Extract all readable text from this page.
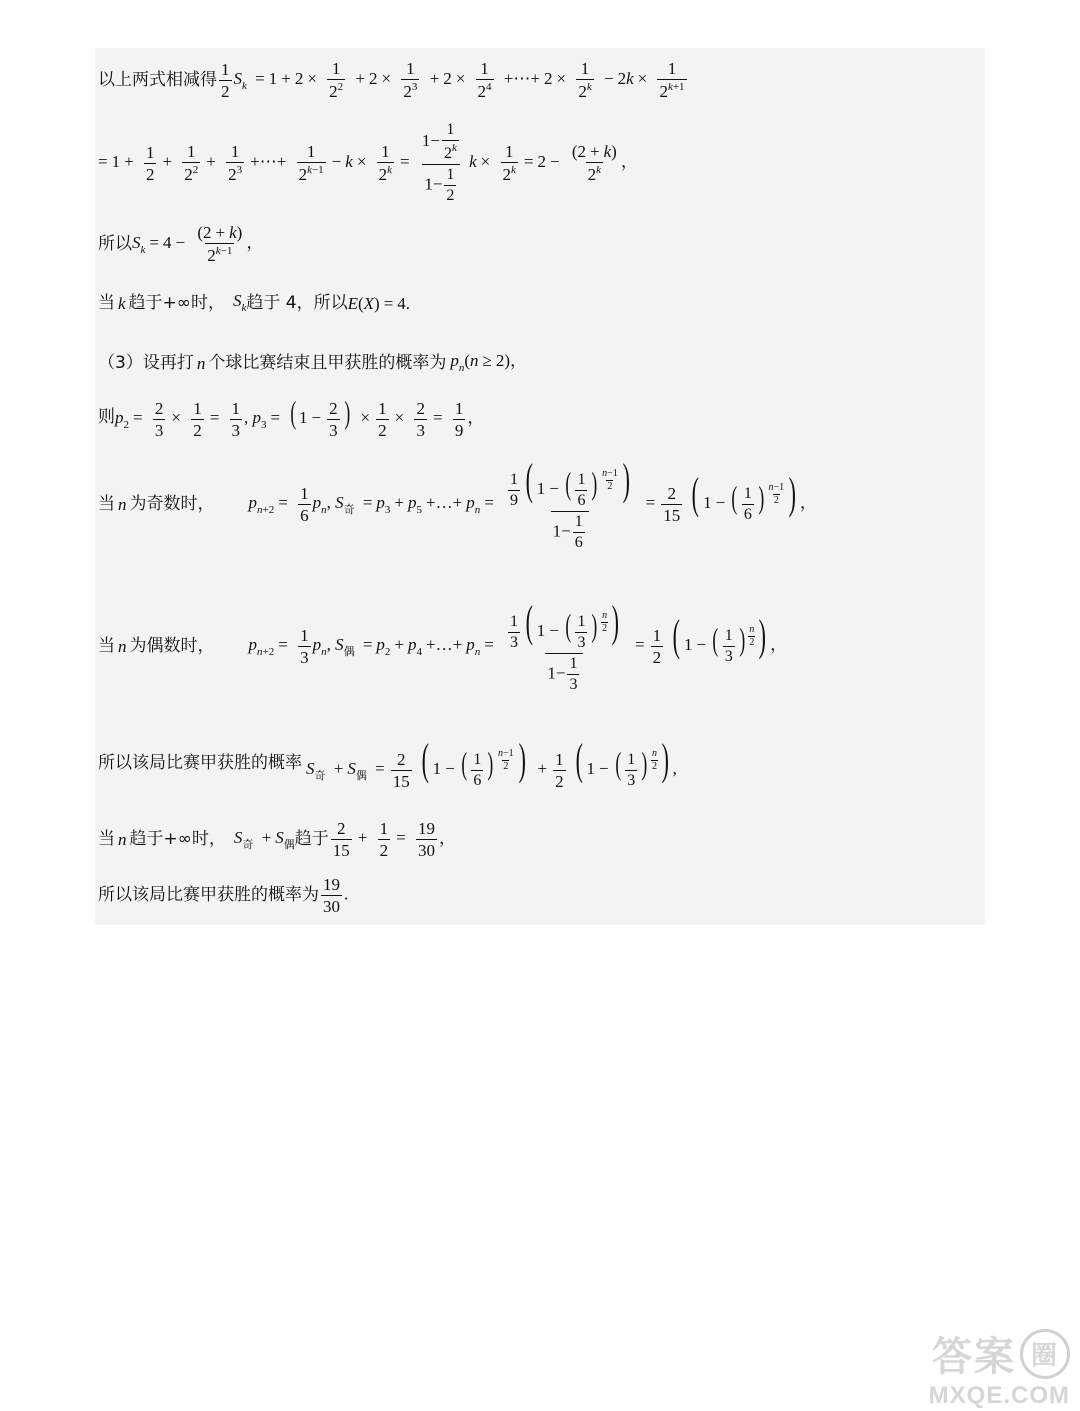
以上两式相减得 $\frac{1}{2} S_k = 1 + 2 \times \frac{1}{2^2} + 2 \times \frac{1}{2^3} + 2 \times \frac{1}{2^4}$ +⋯+ $2 \times \frac{1}{2^k} - 2k \times \frac{1}{2^{k+1}}$
= $1 + \frac{1}{2} + \frac{1}{2^2} + \frac{1}{2^3}$ +⋯+ $\frac{1}{2^{k-1}} - k \times \frac{1}{2^k} = \frac{1- \frac{1}{2^k}}{1- \frac{1}{2}}$ $k \times \frac{1}{2^k} = 2 - \frac{(2 + k)}{2^k}$ ，
所以 $S_k = 4 - \frac{(2 + k)}{2^{k-1}}$ ，
当 k 趋于+∞时， $S_k$ 趋于 4，所以 E(X) = 4.
（3）设再打 n 个球比赛结束且甲获胜的概率为 $p_n(n \ge 2)$，
则 $p_2 = \frac{2}{3} \times \frac{1}{2} = \frac{1}{3}$ , $p_3$ = ( $1 - \frac{2}{3}$ ) × $\frac{1}{2} \times \frac{2}{3} = \frac{1}{9}$ ，
当 n 为奇数时， $p_{n+2} = \frac{1}{6} p_n$, $S_奇 = p_3 + p_5$ +…+ $p_n = \frac{\frac{1}{9} ( 1 - ( \frac{1}{6} ) \frac{n-1}{2} )}{1- \frac{1}{6}} = \frac{2}{15}$ ( 1 − ( $\frac{1}{6}$ ) $\frac{n-1}{2}$ ) ，
当 n 为偶数时， $p_{n+2} = \frac{1}{3} p_n$, $S_偶 = p_2 + p_4$ +…+ $p_n = \frac{\frac{1}{3} ( 1 - ( \frac{1}{3} ) \frac{n}{2} )}{1- \frac{1}{3}} = \frac{1}{2}$ ( 1 − ( $\frac{1}{3}$ ) $\frac{n}{2}$ ) ，
所以该局比赛甲获胜的概率 $S_奇 + S_偶 = \frac{2}{15}$ ( 1 − ( $\frac{1}{6}$ ) $\frac{n-1}{2}$ ) + $\frac{1}{2}$ ( 1 − ( $\frac{1}{3}$ ) $\frac{n}{2}$ ) ,
当 n 趋于+∞时， $S_奇 + S_偶$ 趋于 $\frac{2}{15} + \frac{1}{2} = \frac{19}{30}$ ，
所以该局比赛甲获胜的概率为 $\frac{19}{30}$ .
答案 圈
MXQE.COM
